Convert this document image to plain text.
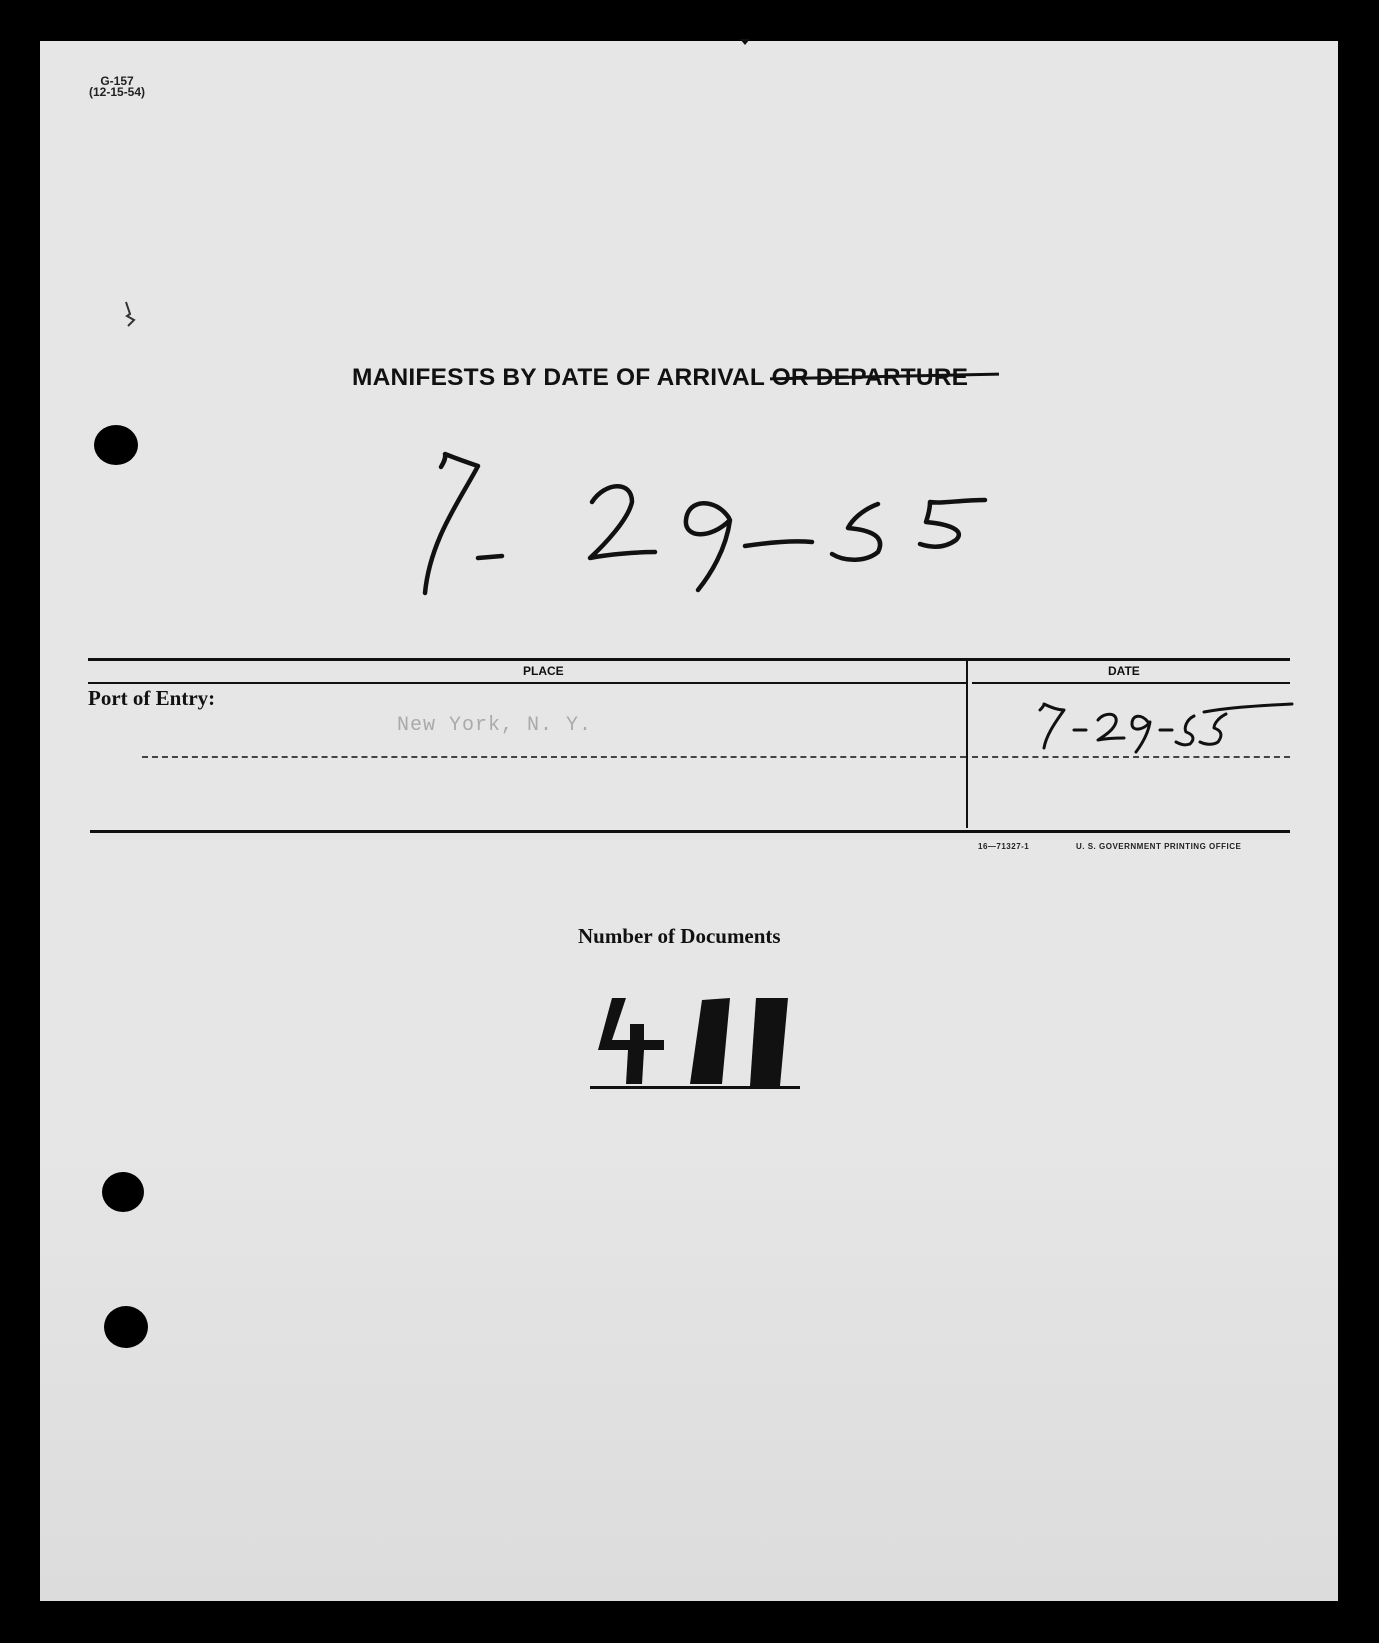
G-157
(12-15-54)
MANIFESTS BY DATE OF ARRIVAL OR DEPARTURE
PLACE	DATE
Port of Entry:
New York, N. Y.
16—71327-1	U. S. GOVERNMENT PRINTING OFFICE
Number of Documents
